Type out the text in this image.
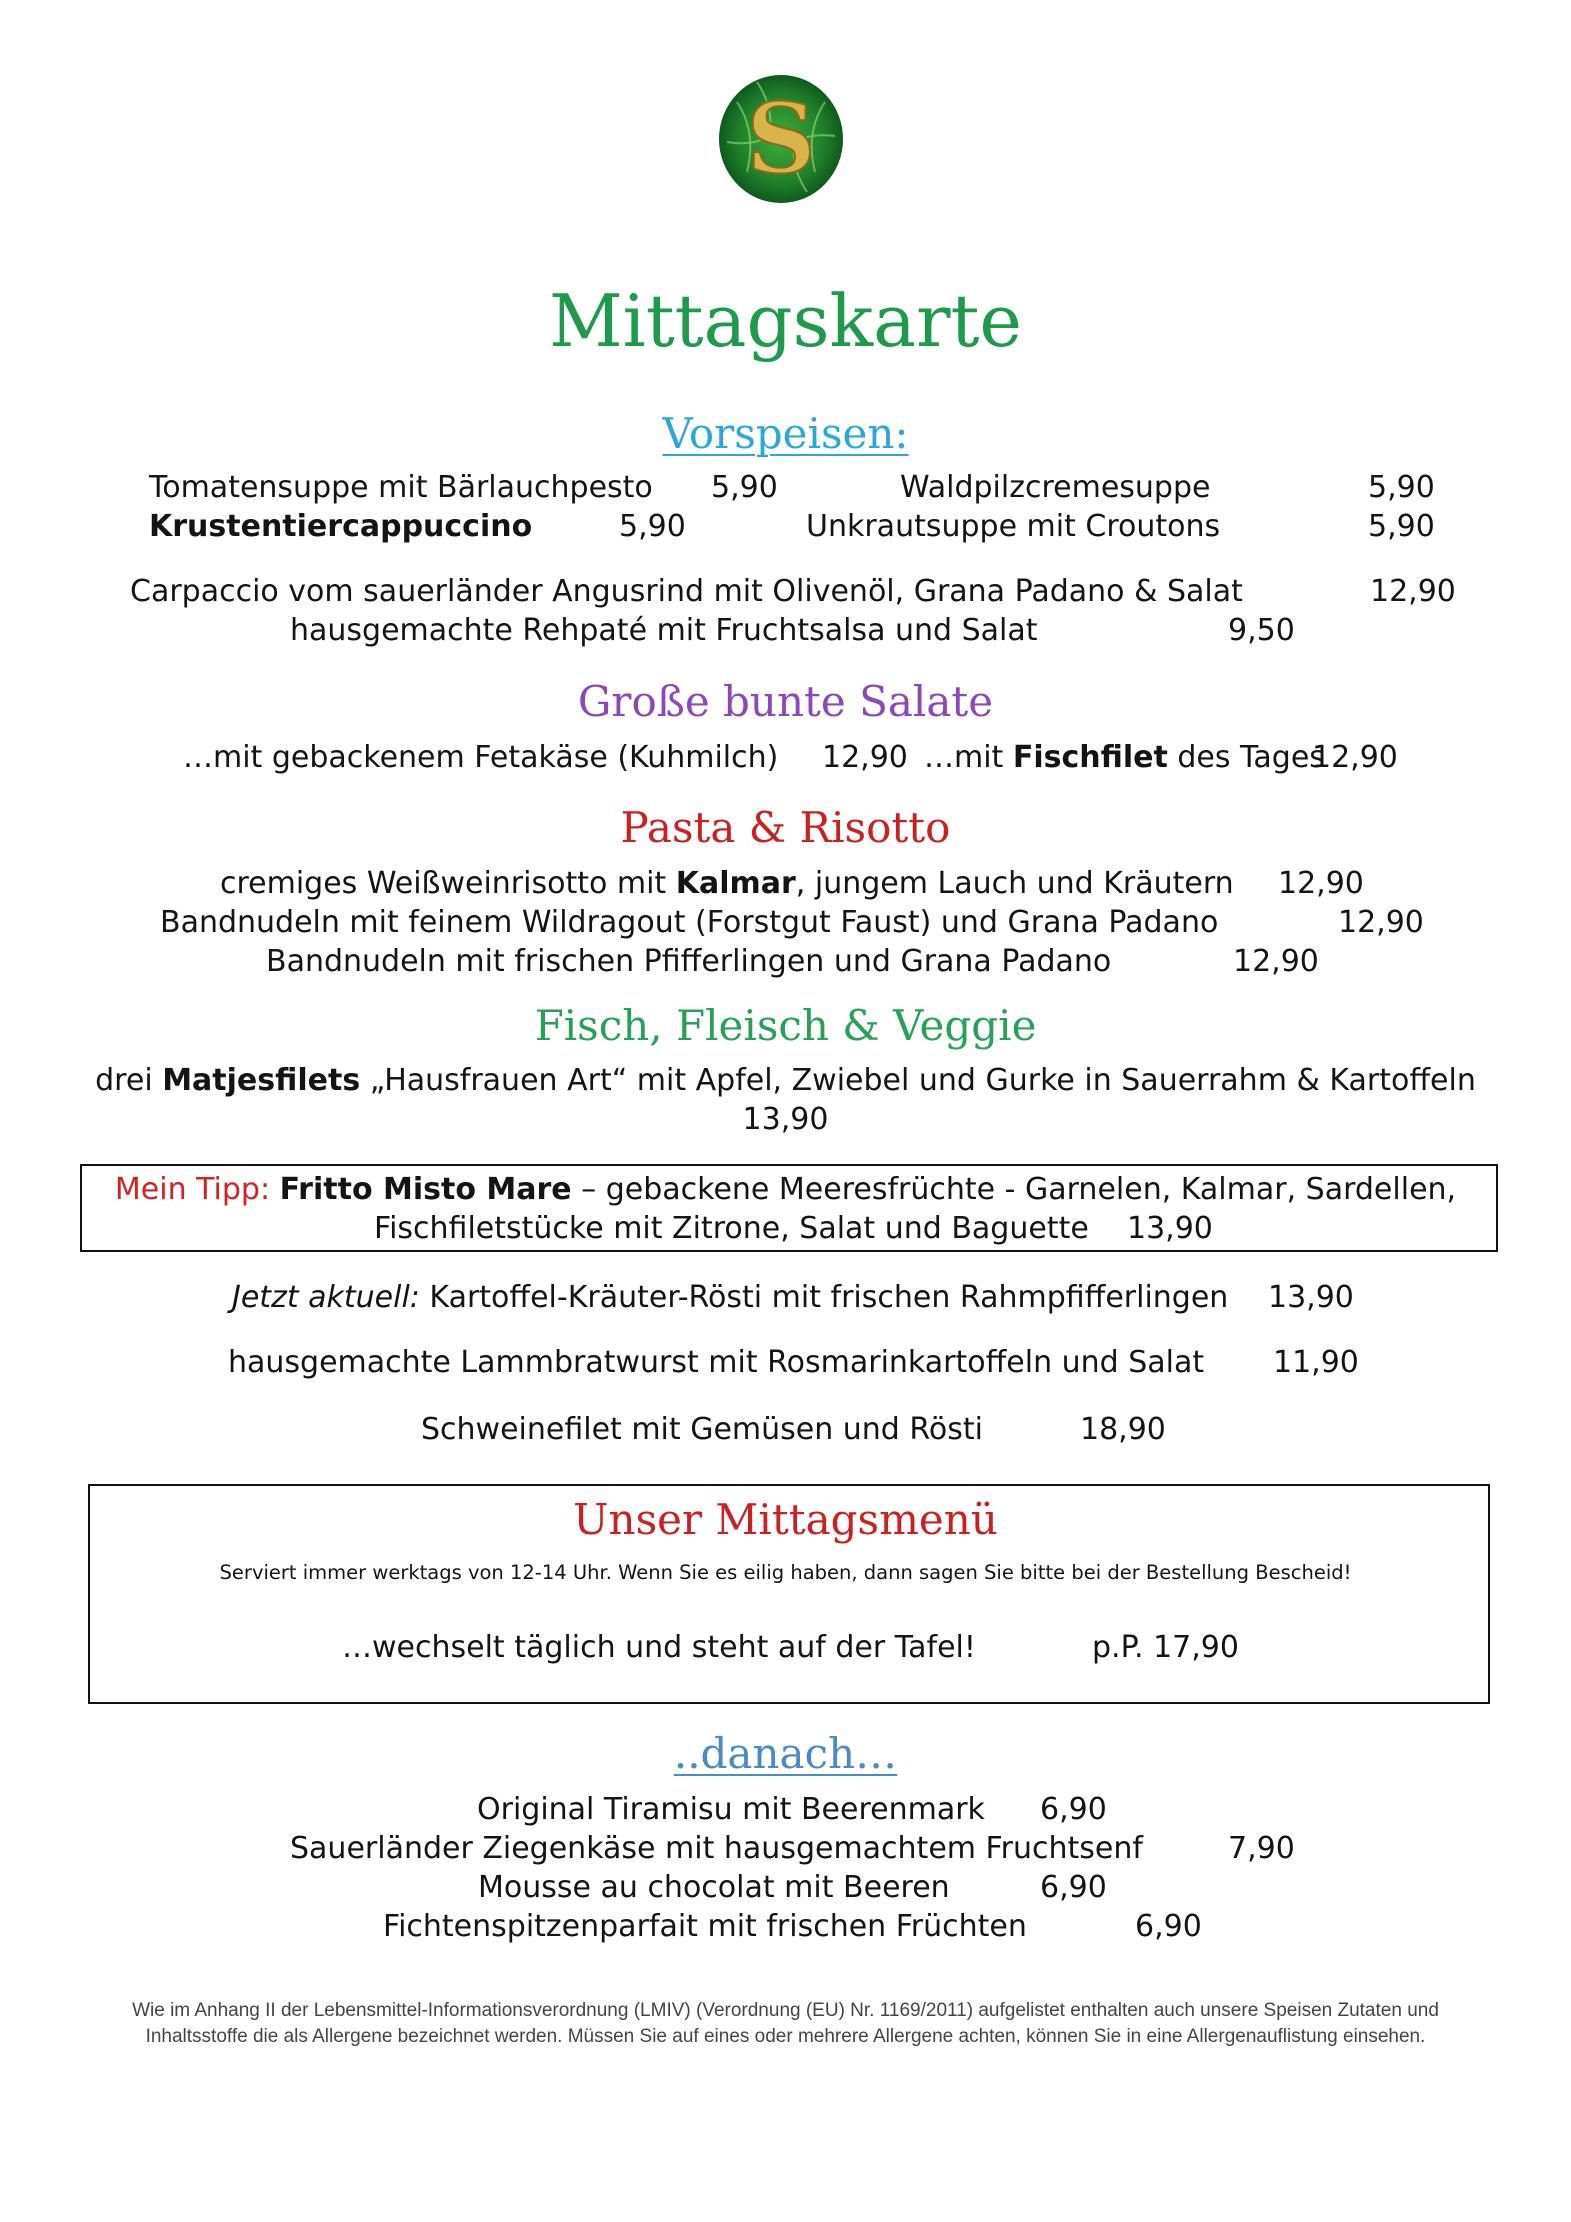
S
Mittagskarte
Vorspeisen:
Tomatensuppe mit Bärlauchpesto 5,90	Waldpilzcremesuppe	5,90
Krustentiercappuccino	5,90	Unkrautsuppe mit Croutons	5,90
Carpaccio vom sauerländer Angusrind mit Olivenöl, Grana Padano & Salat	12,90
hausgemachte Rehpaté mit Fruchtsalsa und Salat	9,50
Große bunte Salate
…mit gebackenem Fetakäse (Kuhmilch) 12,90 …mit Fischfilet des Tages
12,90
Pasta & Risotto
cremiges Weißweinrisotto mit Kalmar, jungem Lauch und Kräutern 12,90
Bandnudeln mit feinem Wildragout (Forstgut Faust) und Grana Padano	12,90
Bandnudeln mit frischen Pfifferlingen und Grana Padano	12,90
Fisch, Fleisch & Veggie
drei Matjesfilets „Hausfrauen Art“ mit Apfel, Zwiebel und Gurke in Sauerrahm & Kartoffeln
13,90
Mein Tipp: Fritto Misto Mare – gebackene Meeresfrüchte - Garnelen, Kalmar, Sardellen,
Fischfiletstücke mit Zitrone, Salat und Baguette 13,90
Jetzt aktuell: Kartoffel-Kräuter-Rösti mit frischen Rahmpfifferlingen 13,90
hausgemachte Lammbratwurst mit Rosmarinkartoffeln und Salat 11,90
Schweinefilet mit Gemüsen und Rösti	18,90
Unser Mittagsmenü
Serviert immer werktags von 12-14 Uhr. Wenn Sie es eilig haben, dann sagen Sie bitte bei der Bestellung Bescheid!
…wechselt täglich und steht auf der Tafel!	p.P. 17,90
..danach…
Original Tiramisu mit Beerenmark 6,90
Sauerländer Ziegenkäse mit hausgemachtem Fruchtsenf	7,90
Mousse au chocolat mit Beeren	6,90
Fichtenspitzenparfait mit frischen Früchten	6,90
Wie im Anhang II der Lebensmittel-Informationsverordnung (LMIV) (Verordnung (EU) Nr. 1169/2011) aufgelistet enthalten auch unsere Speisen Zutaten und
Inhaltsstoffe die als Allergene bezeichnet werden. Müssen Sie auf eines oder mehrere Allergene achten, können Sie in eine Allergenauflistung einsehen.
